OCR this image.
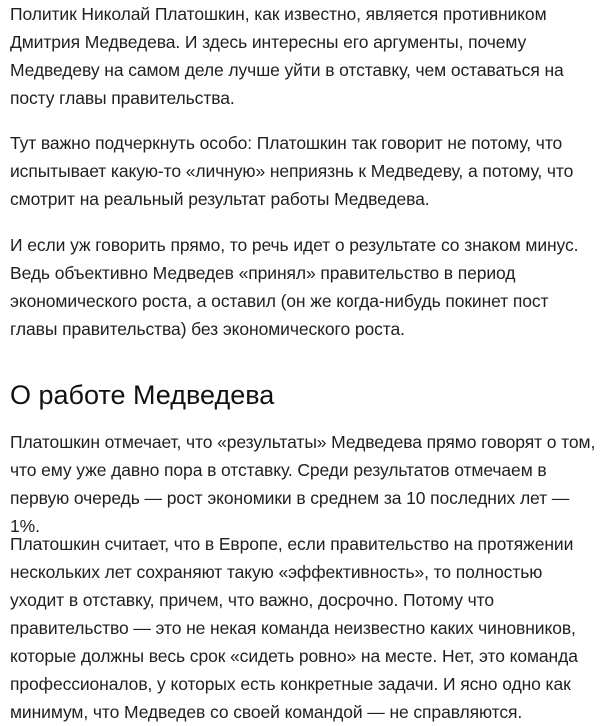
Политик Николай Платошкин, как известно, является противником Дмитрия Медведева. И здесь интересны его аргументы, почему Медведеву на самом деле лучше уйти в отставку, чем оставаться на посту главы правительства.

Тут важно подчеркнуть особо: Платошкин так говорит не потому, что испытывает какую-то «личную» неприязнь к Медведеву, а потому, что смотрит на реальный результат работы Медведева.

И если уж говорить прямо, то речь идет о результате со знаком минус. Ведь объективно Медведев «принял» правительство в период экономического роста, а оставил (он же когда-нибудь покинет пост главы правительства) без экономического роста.

О работе Медведева

Платошкин отмечает, что «результаты» Медведева прямо говорят о том, что ему уже давно пора в отставку. Среди результатов отмечаем в первую очередь — рост экономики в среднем за 10 последних лет — 1%.

Платошкин считает, что в Европе, если правительство на протяжении нескольких лет сохраняют такую «эффективность», то полностью уходит в отставку, причем, что важно, досрочно. Потому что правительство — это не некая команда неизвестно каких чиновников, которые должны весь срок «сидеть ровно» на месте. Нет, это команда профессионалов, у которых есть конкретные задачи. И ясно одно как минимум, что Медведев со своей командой — не справляются.
